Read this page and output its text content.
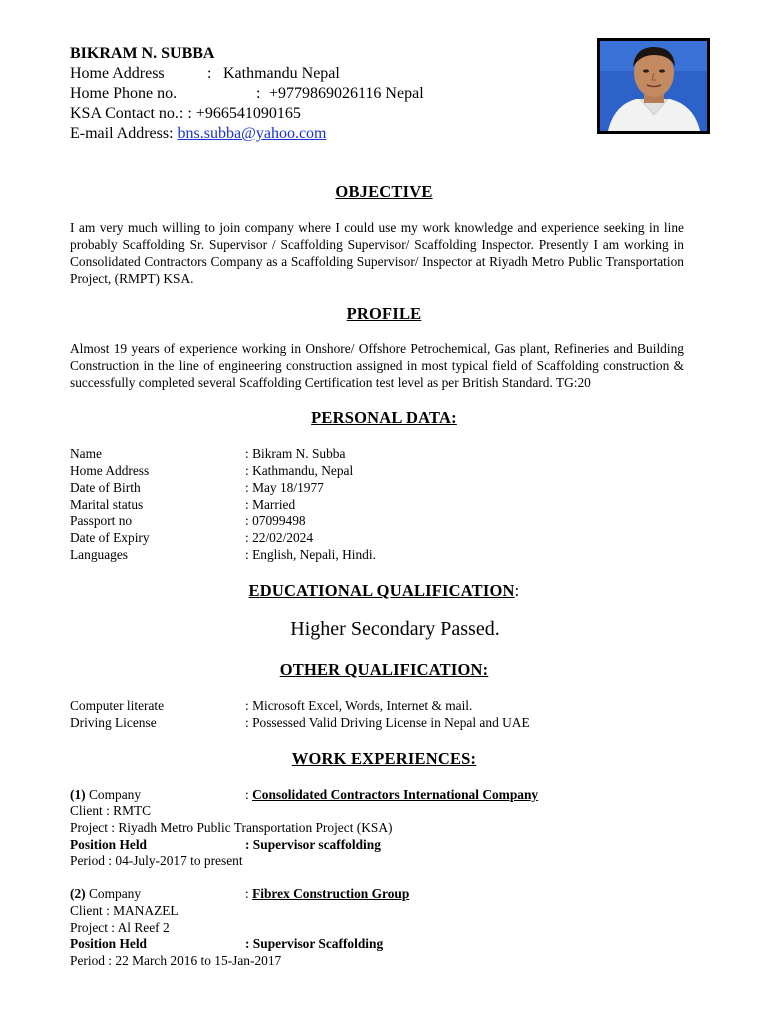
BIKRAM N. SUBBA
Home Address	: Kathmandu Nepal
Home Phone no.	: +9779869026116 Nepal
KSA Contact no.: : +966541090165
E-mail Address: bns.subba@yahoo.com
OBJECTIVE
I am very much willing to join company where I could use my work knowledge and experience seeking in line probably Scaffolding Sr. Supervisor / Scaffolding Supervisor/ Scaffolding Inspector. Presently I am working in Consolidated Contractors Company as a Scaffolding Supervisor/ Inspector at Riyadh Metro Public Transportation Project, (RMPT) KSA.
PROFILE
Almost 19 years of experience working in Onshore/ Offshore Petrochemical, Gas plant, Refineries and Building Construction in the line of engineering construction assigned in most typical field of Scaffolding construction & successfully completed several Scaffolding Certification test level as per British Standard. TG:20
PERSONAL DATA:
Name	: Bikram N. Subba
Home Address	: Kathmandu, Nepal
Date of Birth	: May 18/1977
Marital status	: Married
Passport no	: 07099498
Date of Expiry	: 22/02/2024
Languages	: English, Nepali, Hindi.
EDUCATIONAL QUALIFICATION:
Higher Secondary Passed.
OTHER QUALIFICATION:
Computer literate	: Microsoft Excel, Words, Internet & mail.
Driving License	: Possessed Valid Driving License in Nepal and UAE
WORK EXPERIENCES:
(1) Company	: Consolidated Contractors International Company
Client : RMTC
Project : Riyadh Metro Public Transportation Project (KSA)
Position Held	: Supervisor scaffolding
Period : 04-July-2017 to present
(2) Company	: Fibrex Construction Group
Client : MANAZEL
Project : Al Reef 2
Position Held	: Supervisor Scaffolding
Period : 22 March 2016 to 15-Jan-2017
